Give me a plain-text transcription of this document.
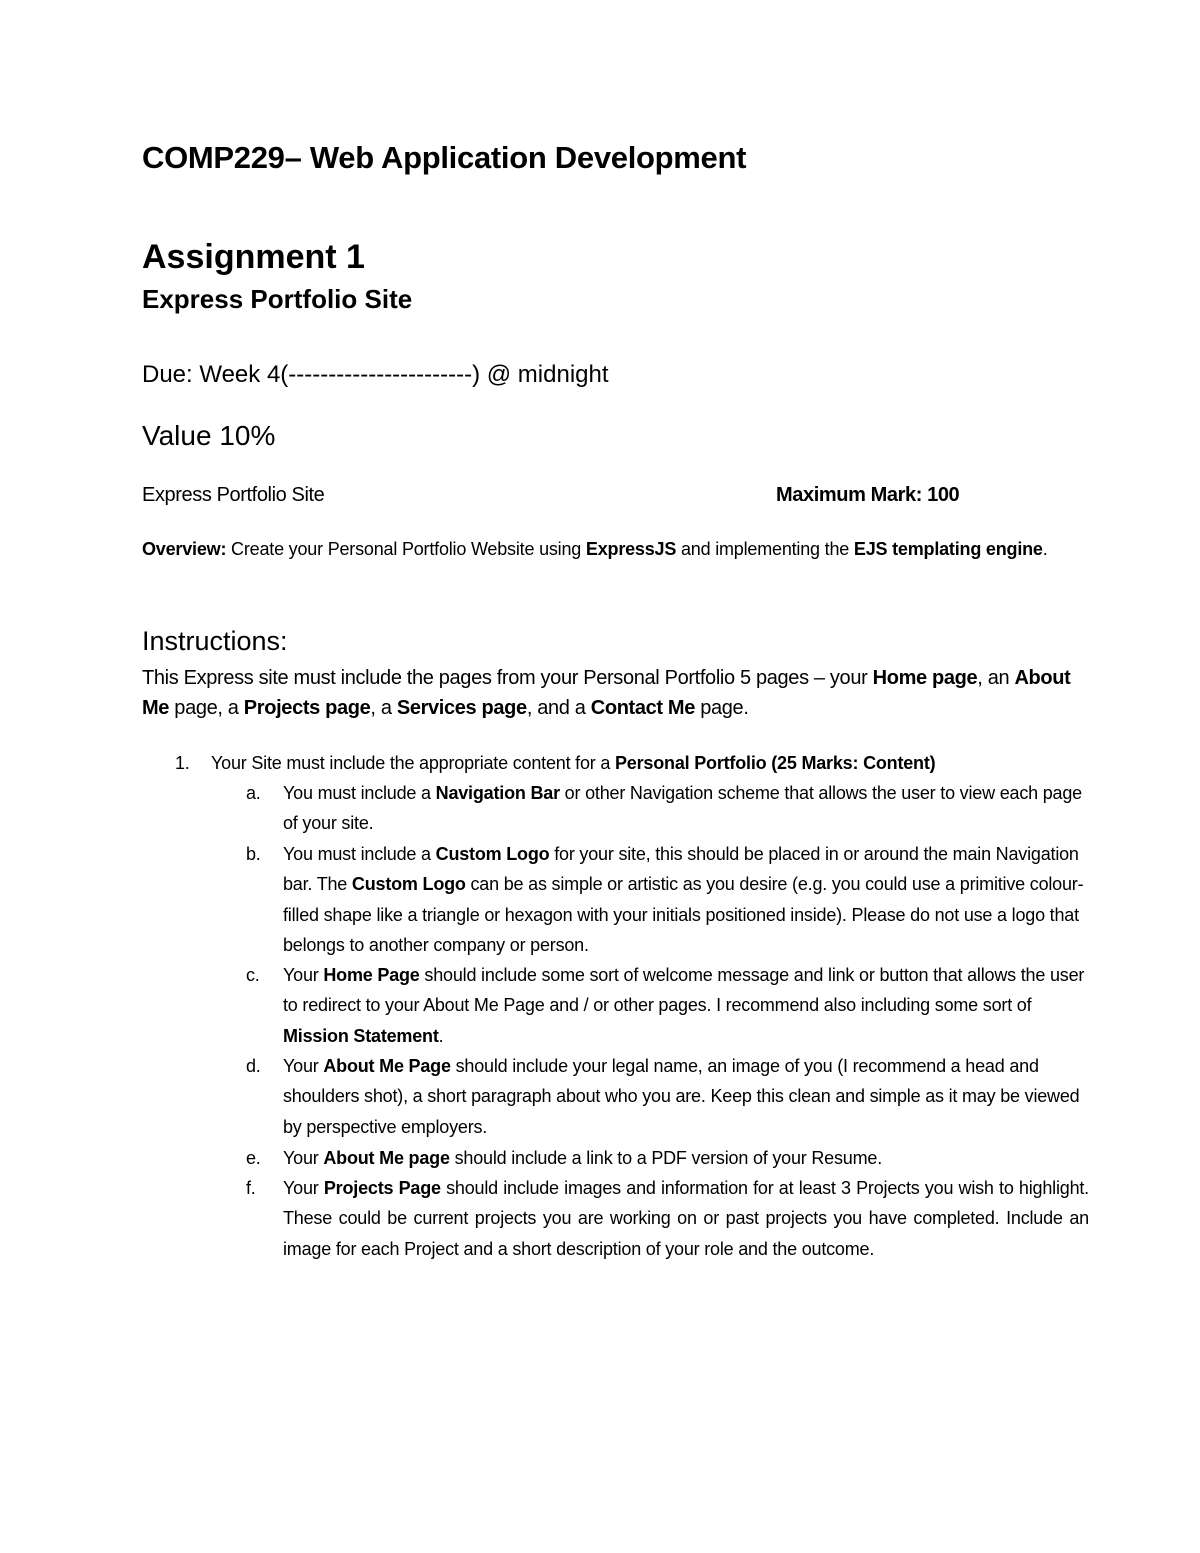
COMP229– Web Application Development
Assignment 1
Express Portfolio Site
Due: Week 4(-----------------------) @ midnight
Value 10%
Express Portfolio Site	Maximum Mark: 100
Overview: Create your Personal Portfolio Website using ExpressJS and implementing the EJS templating engine.
Instructions:
This Express site must include the pages from your Personal Portfolio 5 pages – your Home page, an About Me page, a Projects page, a Services page, and a Contact Me page.
1. Your Site must include the appropriate content for a Personal Portfolio (25 Marks: Content)
a.	You must include a Navigation Bar or other Navigation scheme that allows the user to view each page of your site.
b.	You must include a Custom Logo for your site, this should be placed in or around the main Navigation bar. The Custom Logo can be as simple or artistic as you desire (e.g. you could use a primitive colour-filled shape like a triangle or hexagon with your initials positioned inside). Please do not use a logo that belongs to another company or person.
c.	Your Home Page should include some sort of welcome message and link or button that allows the user to redirect to your About Me Page and / or other pages. I recommend also including some sort of Mission Statement.
d.	Your About Me Page should include your legal name, an image of you (I recommend a head and shoulders shot), a short paragraph about who you are. Keep this clean and simple as it may be viewed by perspective employers.
e.	Your About Me page should include a link to a PDF version of your Resume.
f.	Your Projects Page should include images and information for at least 3 Projects you wish to highlight. These could be current projects you are working on or past projects you have completed. Include an image for each Project and a short description of your role and the outcome.
